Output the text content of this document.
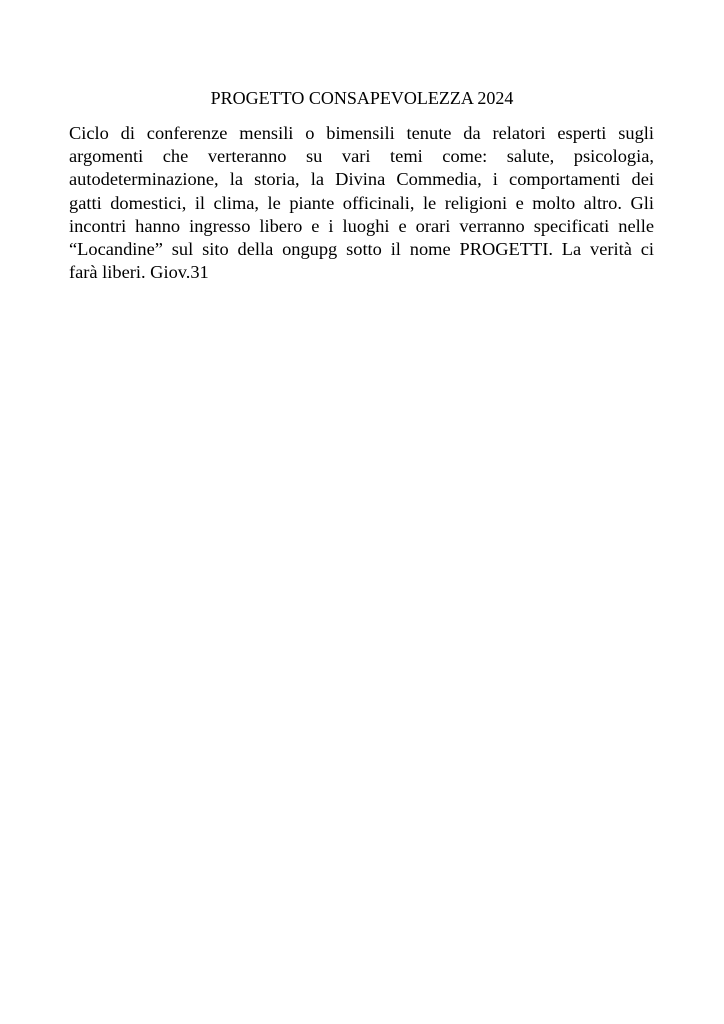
PROGETTO CONSAPEVOLEZZA 2024
Ciclo di conferenze mensili o bimensili tenute da relatori esperti sugli
argomenti che verteranno su vari temi come: salute, psicologia,
autodeterminazione, la storia, la Divina Commedia, i comportamenti dei
gatti domestici, il clima, le piante officinali, le religioni e molto altro. Gli
incontri hanno ingresso libero e i luoghi e orari verranno specificati nelle
“Locandine” sul sito della ongupg sotto il nome PROGETTI. La verità ci
farà liberi. Giov.31
